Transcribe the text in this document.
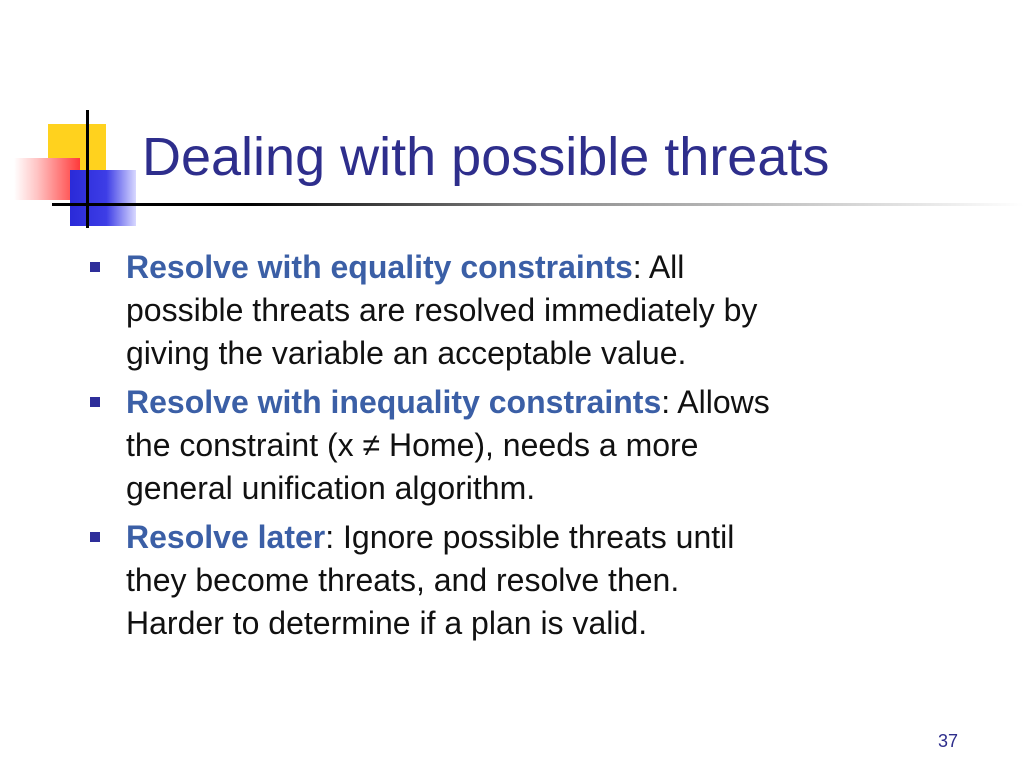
Dealing with possible threats
Resolve with equality constraints: All
possible threats are resolved immediately by
giving the variable an acceptable value.
Resolve with inequality constraints: Allows
the constraint (x ≠ Home), needs a more
general unification algorithm.
Resolve later: Ignore possible threats until
they become threats, and resolve then.
Harder to determine if a plan is valid.
37
